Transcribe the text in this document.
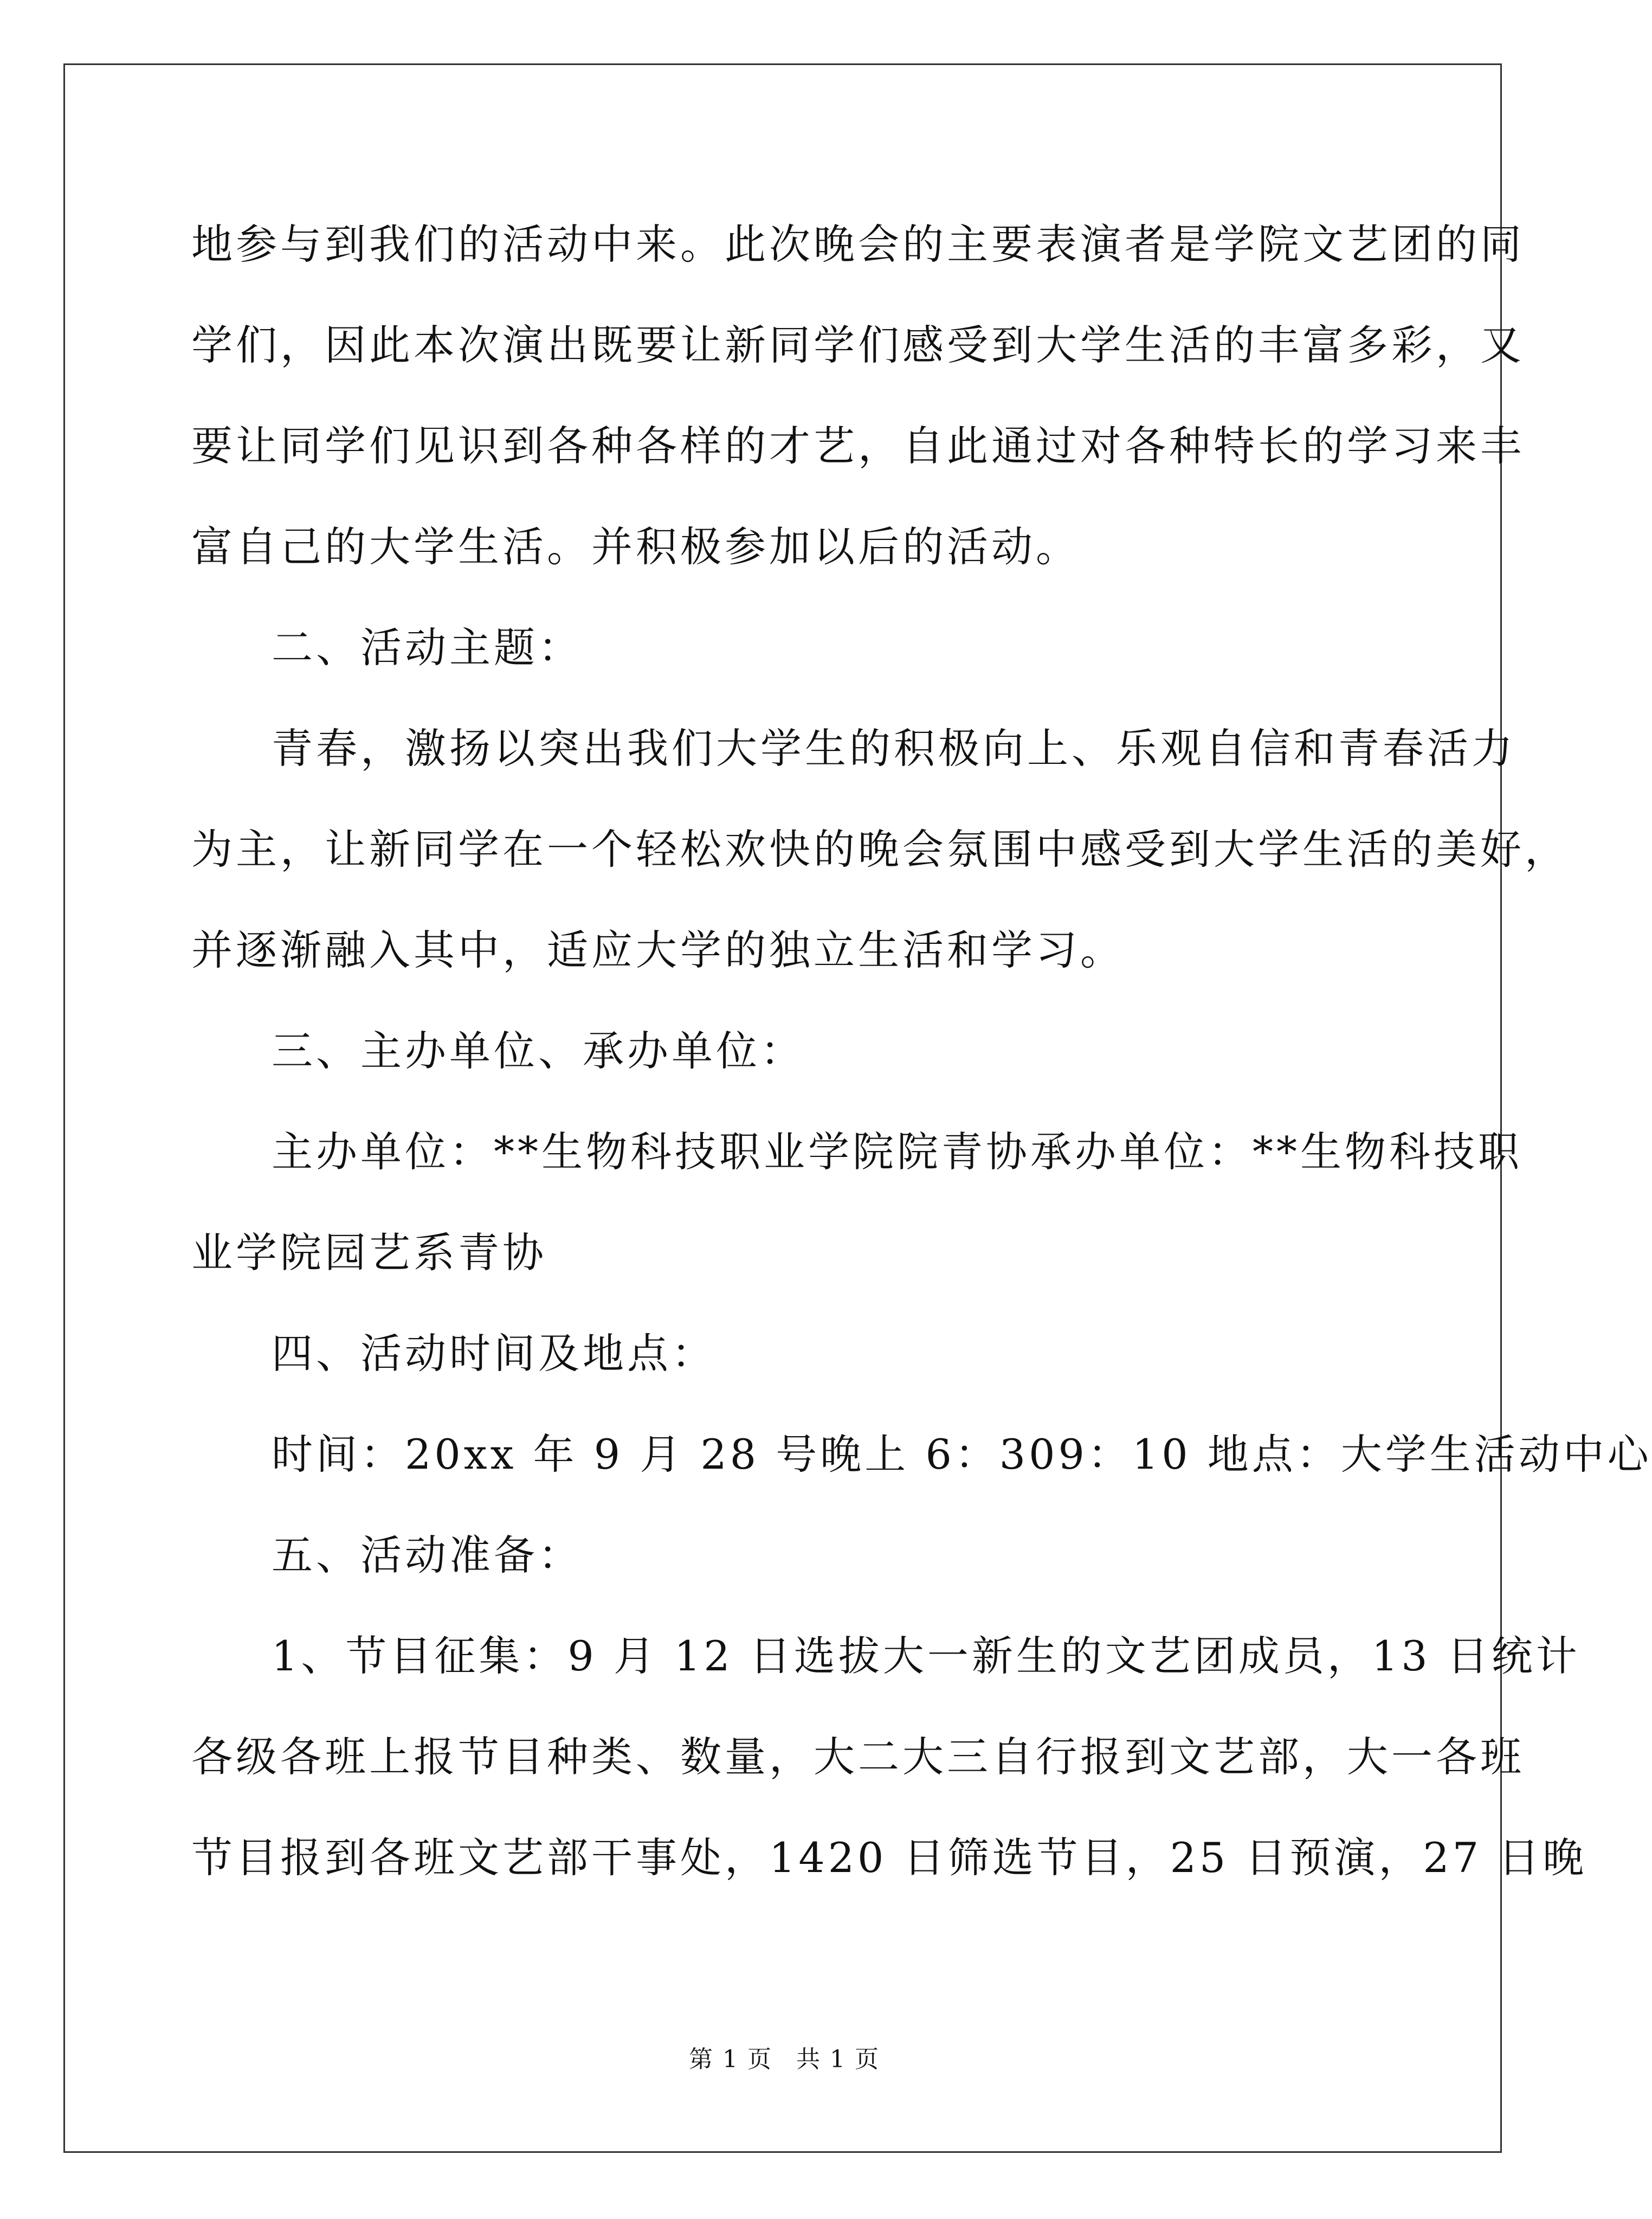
地参与到我们的活动中来。此次晚会的主要表演者是学院文艺团的同
学们，因此本次演出既要让新同学们感受到大学生活的丰富多彩，又
要让同学们见识到各种各样的才艺，自此通过对各种特长的学习来丰
富自己的大学生活。并积极参加以后的活动。
二、活动主题：
青春，激扬以突出我们大学生的积极向上、乐观自信和青春活力
为主，让新同学在一个轻松欢快的晚会氛围中感受到大学生活的美好，
并逐渐融入其中，适应大学的独立生活和学习。
三、主办单位、承办单位：
主办单位：**生物科技职业学院院青协承办单位：**生物科技职
业学院园艺系青协
四、活动时间及地点：
时间：20xx 年 9 月 28 号晚上 6：309：10 地点：大学生活动中心
五、活动准备：
1、节目征集：9 月 12 日选拔大一新生的文艺团成员，13 日统计
各级各班上报节目种类、数量，大二大三自行报到文艺部，大一各班
节目报到各班文艺部干事处，1420 日筛选节目，25 日预演，27 日晚
第 1 页 共 1 页
